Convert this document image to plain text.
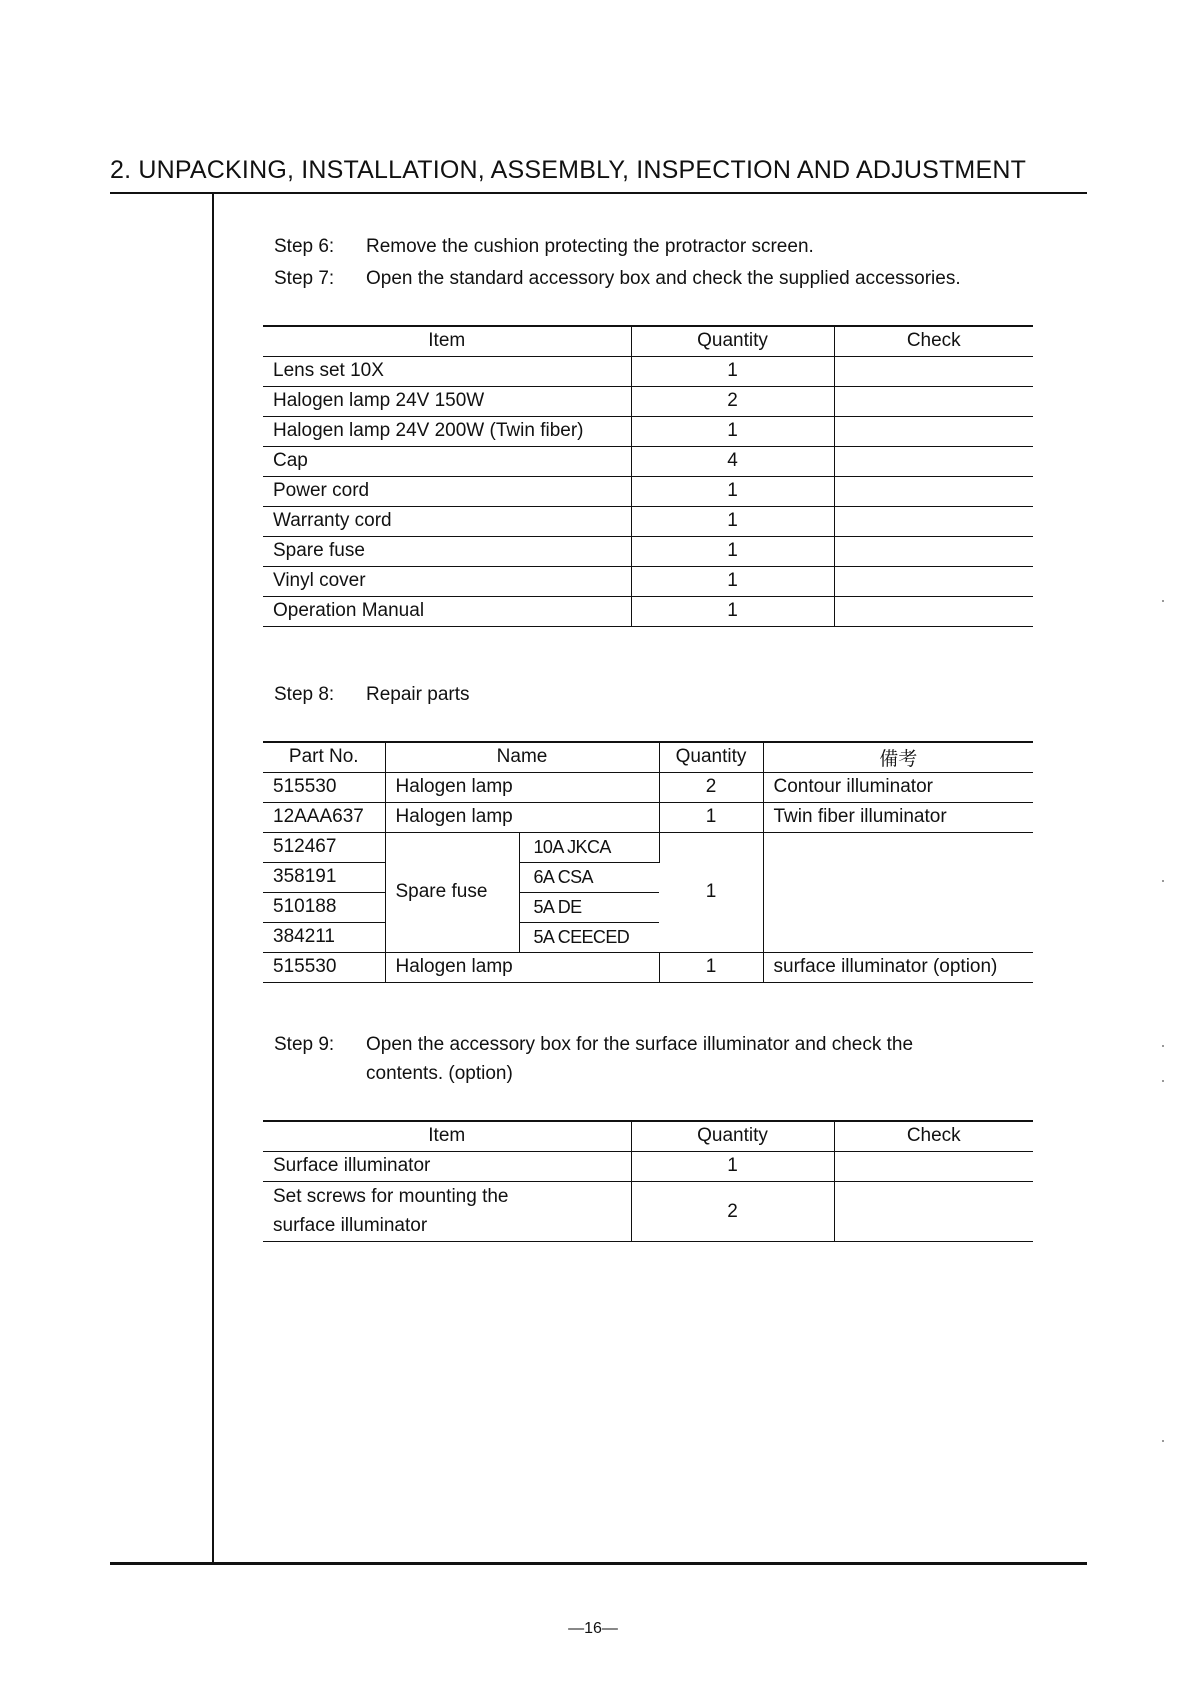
2. UNPACKING, INSTALLATION, ASSEMBLY, INSPECTION AND ADJUSTMENT
Step 6: Remove the cushion protecting the protractor screen.
Step 7: Open the standard accessory box and check the supplied accessories.
Item	Quantity	Check
Lens set 10X	1	
Halogen lamp 24V 150W	2	
Halogen lamp 24V 200W (Twin fiber)	1	
Cap	4	
Power cord	1	
Warranty cord	1	
Spare fuse	1	
Vinyl cover	1	
Operation Manual	1	
Step 8: Repair parts
Part No.	Name		Quantity	備考
515530	Halogen lamp		2	Contour illuminator
12AAA637	Halogen lamp		1	Twin fiber illuminator
512467	Spare fuse	10A JKCA	1	
358191		6A CSA		
510188		5A DE		
384211		5A CEECED		
515530	Halogen lamp		1	surface illuminator (option)
Step 9: Open the accessory box for the surface illuminator and check the
contents. (option)
Item	Quantity	Check
Surface illuminator	1	
Set screws for mounting the
surface illuminator	2	
—16—
